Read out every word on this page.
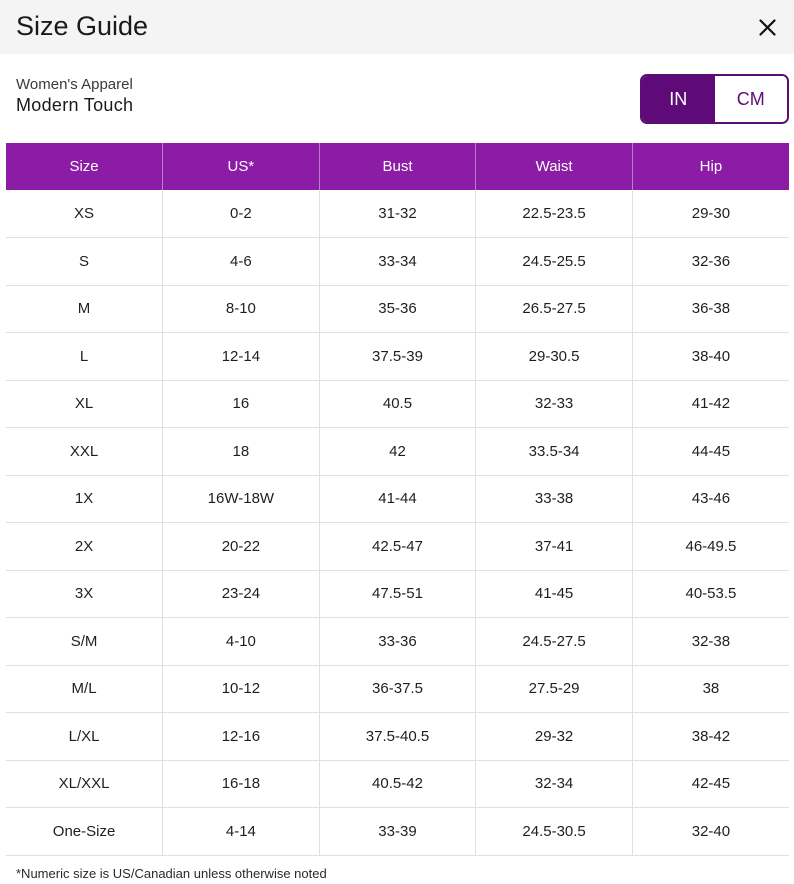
Size Guide
Women's Apparel
Modern Touch	IN	CM
Size	US*	Bust	Waist	Hip
XS	0-2	31-32	22.5-23.5	29-30
S	4-6	33-34	24.5-25.5	32-36
M	8-10	35-36	26.5-27.5	36-38
L	12-14	37.5-39	29-30.5	38-40
XL	16	40.5	32-33	41-42
XXL	18	42	33.5-34	44-45
1X	16W-18W	41-44	33-38	43-46
2X	20-22	42.5-47	37-41	46-49.5
3X	23-24	47.5-51	41-45	40-53.5
S/M	4-10	33-36	24.5-27.5	32-38
M/L	10-12	36-37.5	27.5-29	38
L/XL	12-16	37.5-40.5	29-32	38-42
XL/XXL	16-18	40.5-42	32-34	42-45
One-Size	4-14	33-39	24.5-30.5	32-40
*Numeric size is US/Canadian unless otherwise noted
